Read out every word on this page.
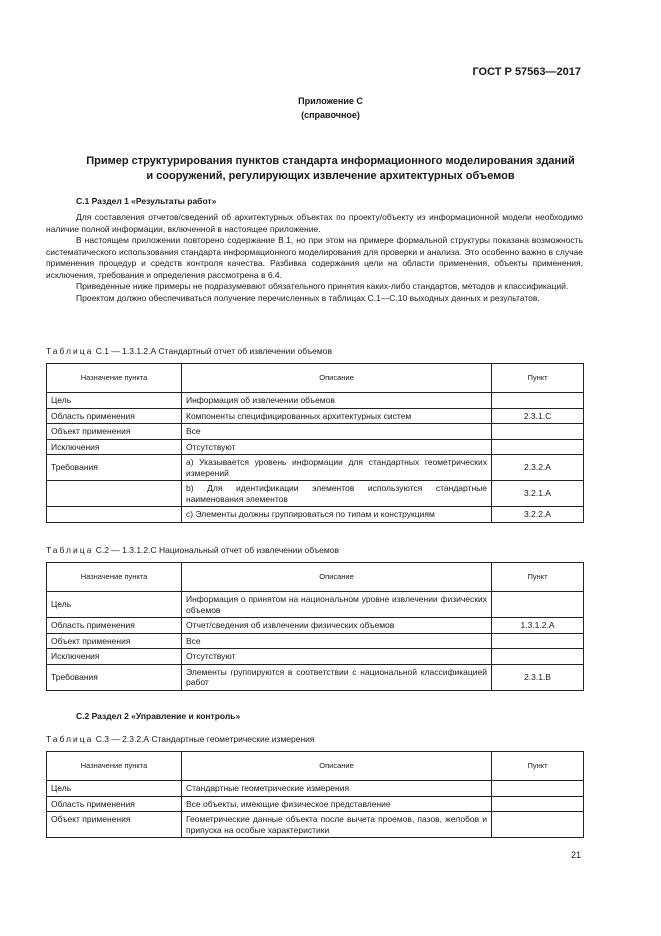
ГОСТ Р 57563—2017
Приложение С
(справочное)
Пример структурирования пунктов стандарта информационного моделирования зданий
и сооружений, регулирующих извлечение архитектурных объемов
С.1 Раздел 1 «Результаты работ»

Для составления отчетов/сведений об архитектурных объектах по проекту/объекту из информационной модели необходимо наличие полной информации, включенной в настоящее приложение.

В настоящем приложении повторено содержание В.1, но при этом на примере формальной структуры показана возможность систематического использования стандарта информационного моделирования для проверки и анализа. Это особенно важно в случае применения процедур и средств контроля качества. Разбивка содержания цели на области применения, объекты применения, исключения, требования и определения рассмотрена в 6.4.

Приведенные ниже примеры не подразумевают обязательного принятия каких-либо стандартов, методов и классификаций.

Проектом должно обеспечиваться получение перечисленных в таблицах С.1—С.10 выходных данных и результатов.

Таблица С.1 — 1.3.1.2.А Стандартный отчет об извлечении объемов
Назначение пункта	Описание	Пункт
Цель	Информация об извлечении объемов	
Область применения	Компоненты специфицированных архитектурных систем	2.3.1.С
Объект применения	Все	
Исключения	Отсутствуют	
Требования	а) Указывается уровень информации для стандартных геометрических измерений	2.3.2.А
	b) Для идентификации элементов используются стандартные наименования элементов	3.2.1.А
	с) Элементы должны группироваться по типам и конструкциям	3.2.2.А
Таблица С.2 — 1.3.1.2.С Национальный отчет об извлечении объемов
Назначение пункта	Описание	Пункт
Цель	Информация о принятом на национальном уровне извлечении физических объемов	
Область применения	Отчет/сведения об извлечении физических объемов	1.3.1.2.А
Объект применения	Все	
Исключения	Отсутствуют	
Требования	Элементы группируются в соответствии с национальной классификацией работ	2.3.1.В
С.2 Раздел 2 «Управление и контроль»
Таблица С.3 — 2.3.2.А Стандартные геометрические измерения
Назначение пункта	Описание	Пункт
Цель	Стандартные геометрические измерения	
Область применения	Все объекты, имеющие физическое представление	
Объект применения	Геометрические данные объекта после вычета проемов, пазов, желобов и припуска на особые характеристики	
21
